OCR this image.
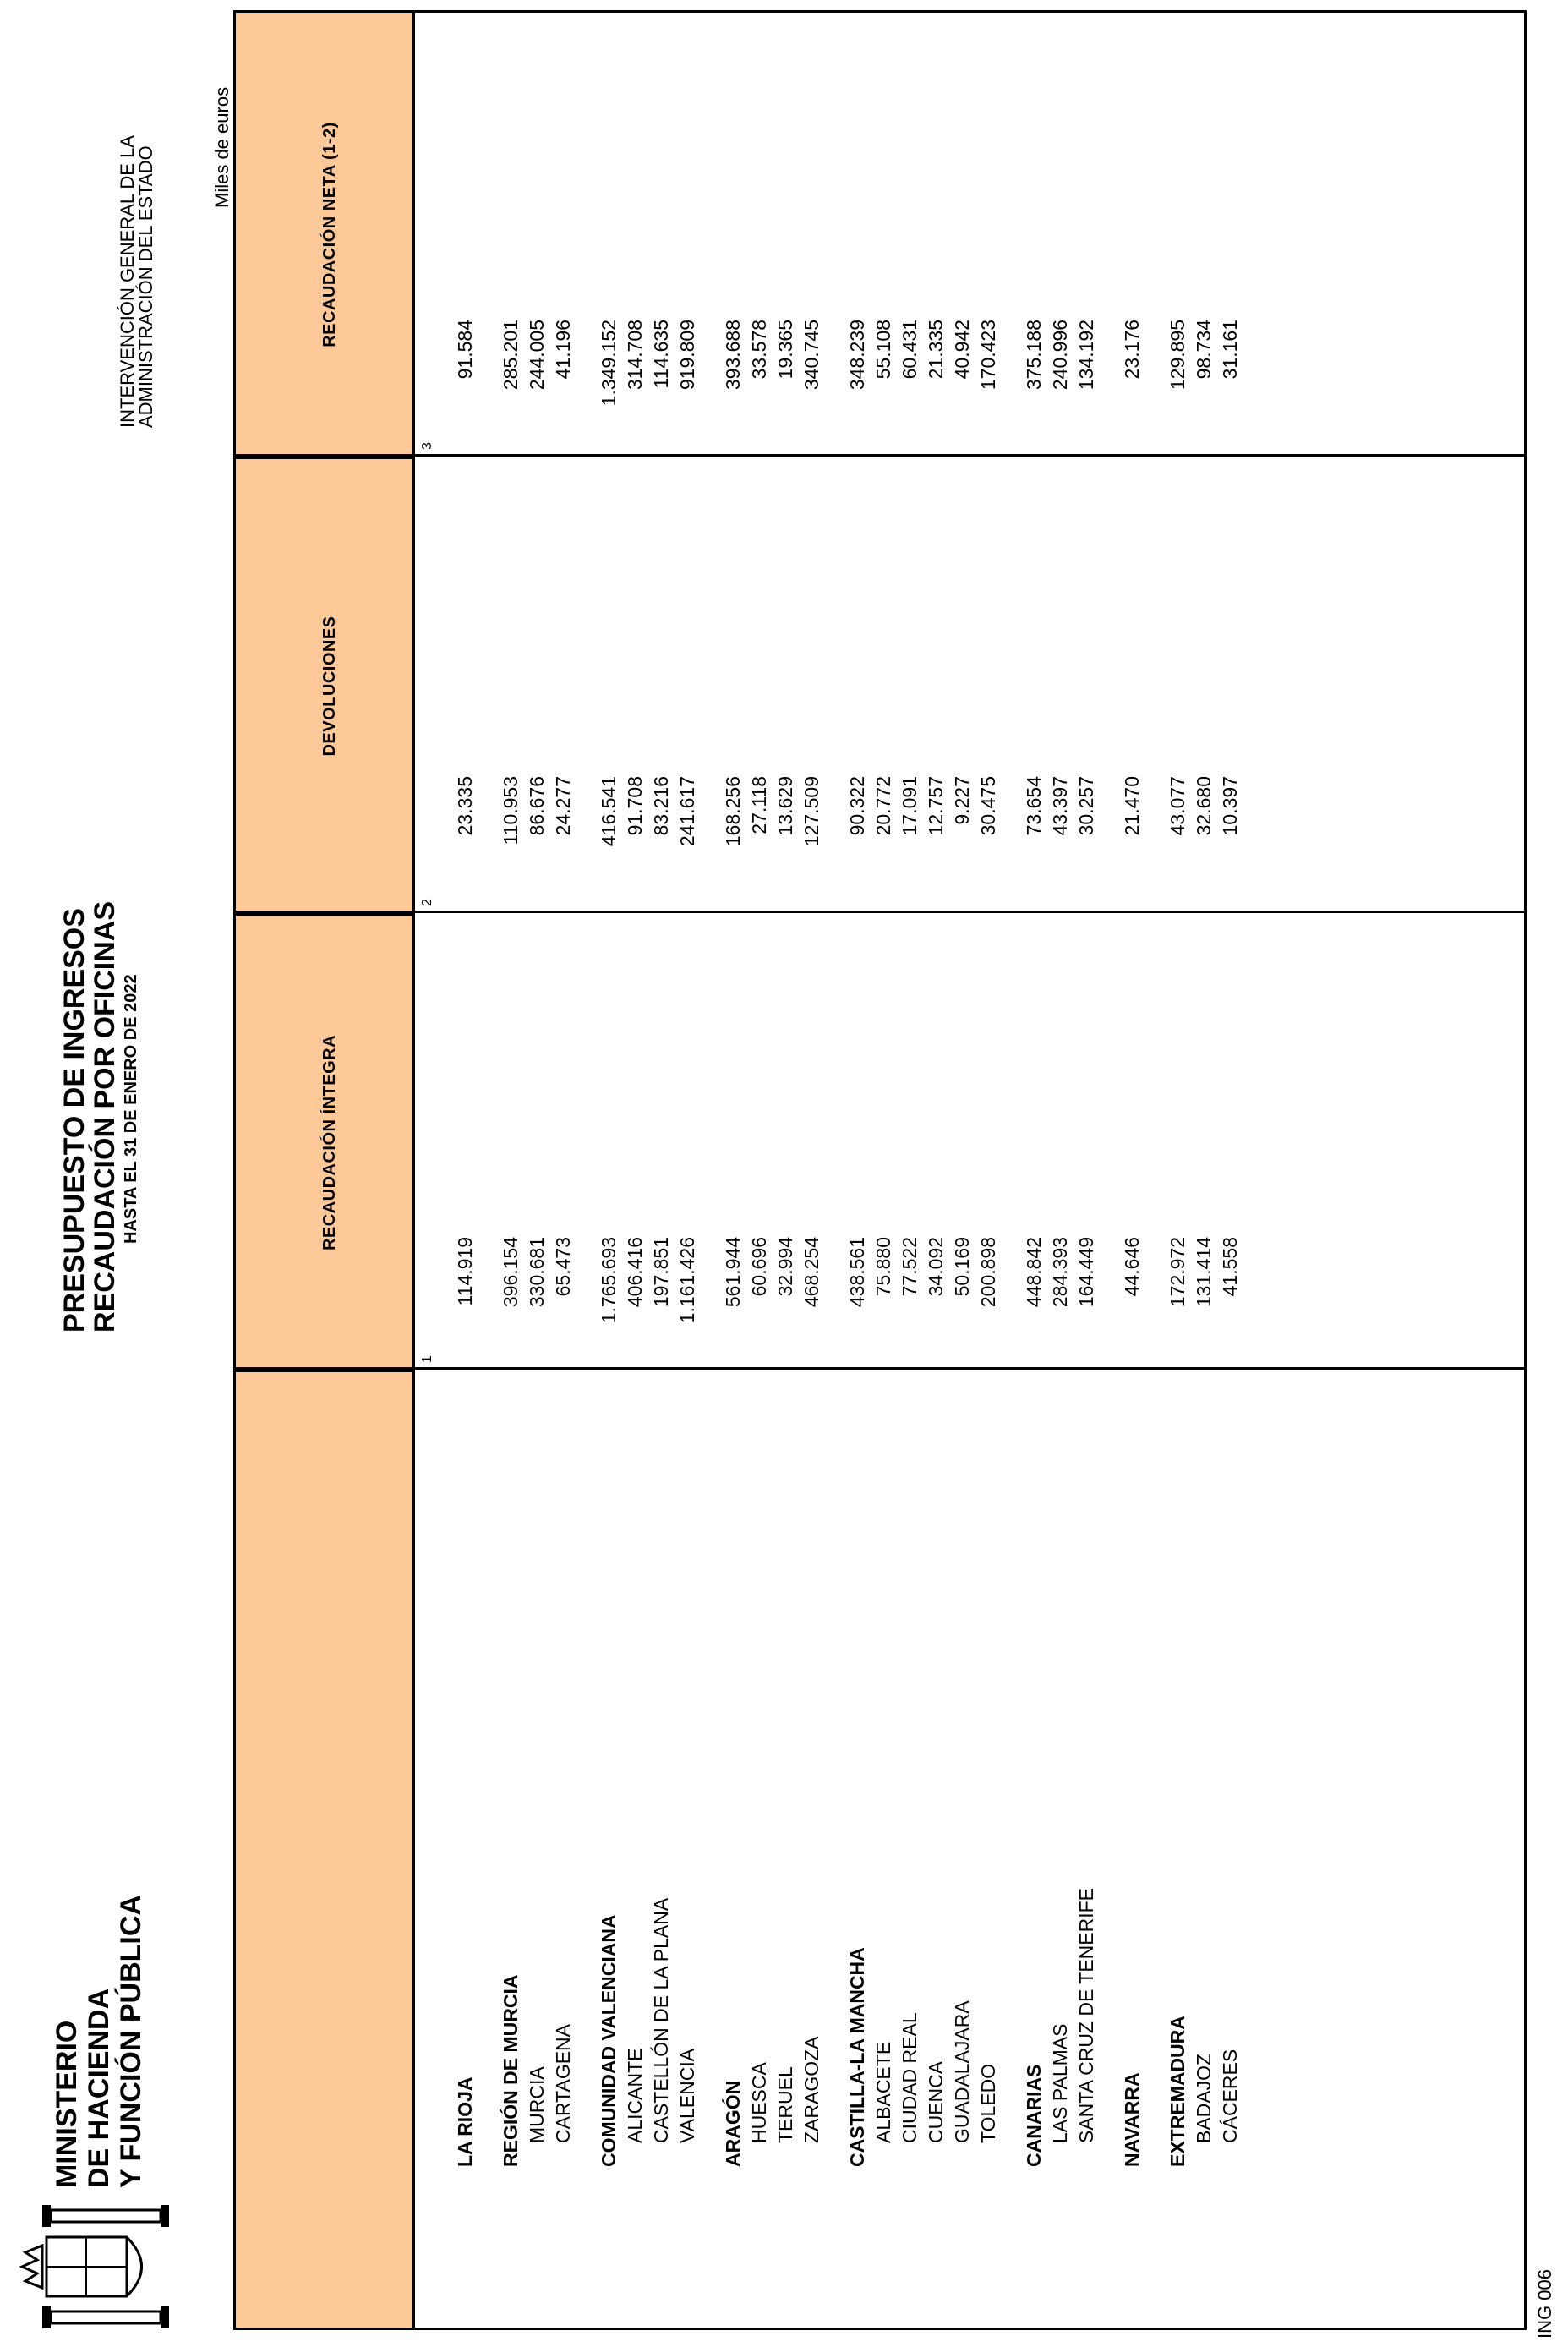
MINISTERIO DE HACIENDA Y FUNCIÓN PÚBLICA
PRESUPUESTO DE INGRESOS
RECAUDACIÓN POR OFICINAS HASTA EL 31 DE ENERO DE 2022
INTERVENCIÓN GENERAL DE LA
ADMINISTRACIÓN DEL ESTADO	Miles de euros
RECAUDACIÓN ÍNTEGRA
DEVOLUCIONES
RECAUDACIÓN NETA (1-2)
1
2
3
LA RIOJA
114.919
23.335
91.584
REGIÓN DE MURCIA
396.154
110.953
285.201
MURCIA
330.681
86.676
244.005
CARTAGENA
65.473
24.277
41.196
COMUNIDAD VALENCIANA
1.765.693
416.541
1.349.152
ALICANTE
406.416
91.708
314.708
CASTELLÓN DE LA PLANA
197.851
83.216
114.635
VALENCIA
1.161.426
241.617
919.809
ARAGÓN
561.944
168.256
393.688
HUESCA
60.696
27.118
33.578
TERUEL
32.994
13.629
19.365
ZARAGOZA
468.254
127.509
340.745
CASTILLA-LA MANCHA
438.561
90.322
348.239
ALBACETE
75.880
20.772
55.108
CIUDAD REAL
77.522
17.091
60.431
CUENCA
34.092
12.757
21.335
GUADALAJARA
50.169
9.227
40.942
TOLEDO
200.898
30.475
170.423
CANARIAS
448.842
73.654
375.188
LAS PALMAS
284.393
43.397
240.996
SANTA CRUZ DE TENERIFE
164.449
30.257
134.192
NAVARRA
44.646
21.470
23.176
EXTREMADURA
172.972
43.077
129.895
BADAJOZ
131.414
32.680
98.734
CÁCERES
41.558
10.397
31.161
ING 006
